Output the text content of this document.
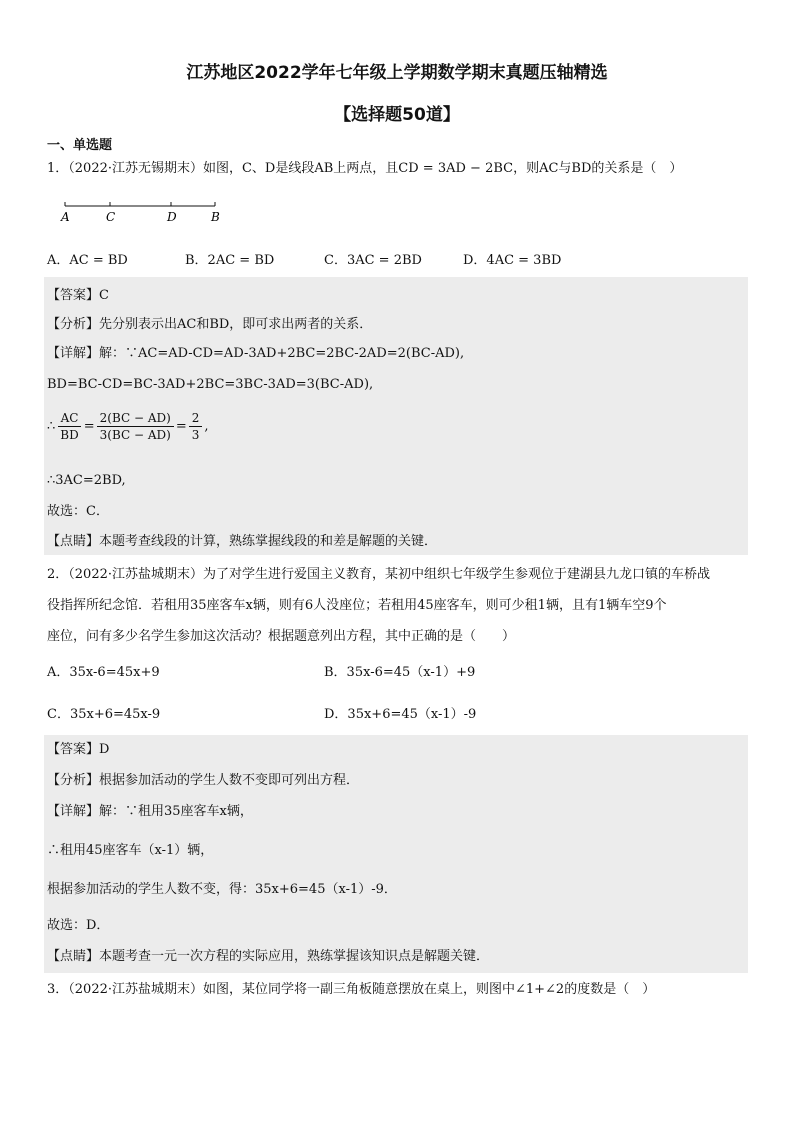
江苏地区2022学年七年级上学期数学期末真题压轴精选
【选择题50道】
一、单选题
1．（2022·江苏无锡期末）如图，C、D是线段AB上两点，且CD = 3AD − 2BC，则AC与BD的关系是（　）
A	C	D	B
A．AC = BD	B．2AC = BD	C．3AC = 2BD	D．4AC = 3BD
【答案】C
【分析】先分别表示出AC和BD，即可求出两者的关系．
【详解】解：∵AC=AD-CD=AD-3AD+2BC=2BC-2AD=2(BC-AD),
BD=BC-CD=BC-3AD+2BC=3BC-3AD=3(BC-AD),
∴ $\frac{AC}{BD} = \frac{2(BC - AD)}{3(BC - AD)} = \frac{2}{3}$ ,
∴3AC=2BD,
故选：C．
【点睛】本题考查线段的计算，熟练掌握线段的和差是解题的关键．
2．（2022·江苏盐城期末）为了对学生进行爱国主义教育，某初中组织七年级学生参观位于建湖县九龙口镇的车桥战
役指挥所纪念馆．若租用35座客车x辆，则有6人没座位；若租用45座客车，则可少租1辆，且有1辆车空9个
座位，问有多少名学生参加这次活动？根据题意列出方程，其中正确的是（　　）
A．35x-6=45x+9	B．35x-6=45（x-1）+9
C．35x+6=45x-9	D．35x+6=45（x-1）-9
【答案】D
【分析】根据参加活动的学生人数不变即可列出方程．
【详解】解：∵租用35座客车x辆，
∴租用45座客车（x-1）辆，
根据参加活动的学生人数不变，得：35x+6=45（x-1）-9．
故选：D．
【点睛】本题考查一元一次方程的实际应用，熟练掌握该知识点是解题关键．
3．（2022·江苏盐城期末）如图，某位同学将一副三角板随意摆放在桌上，则图中∠1+∠2的度数是（　）
